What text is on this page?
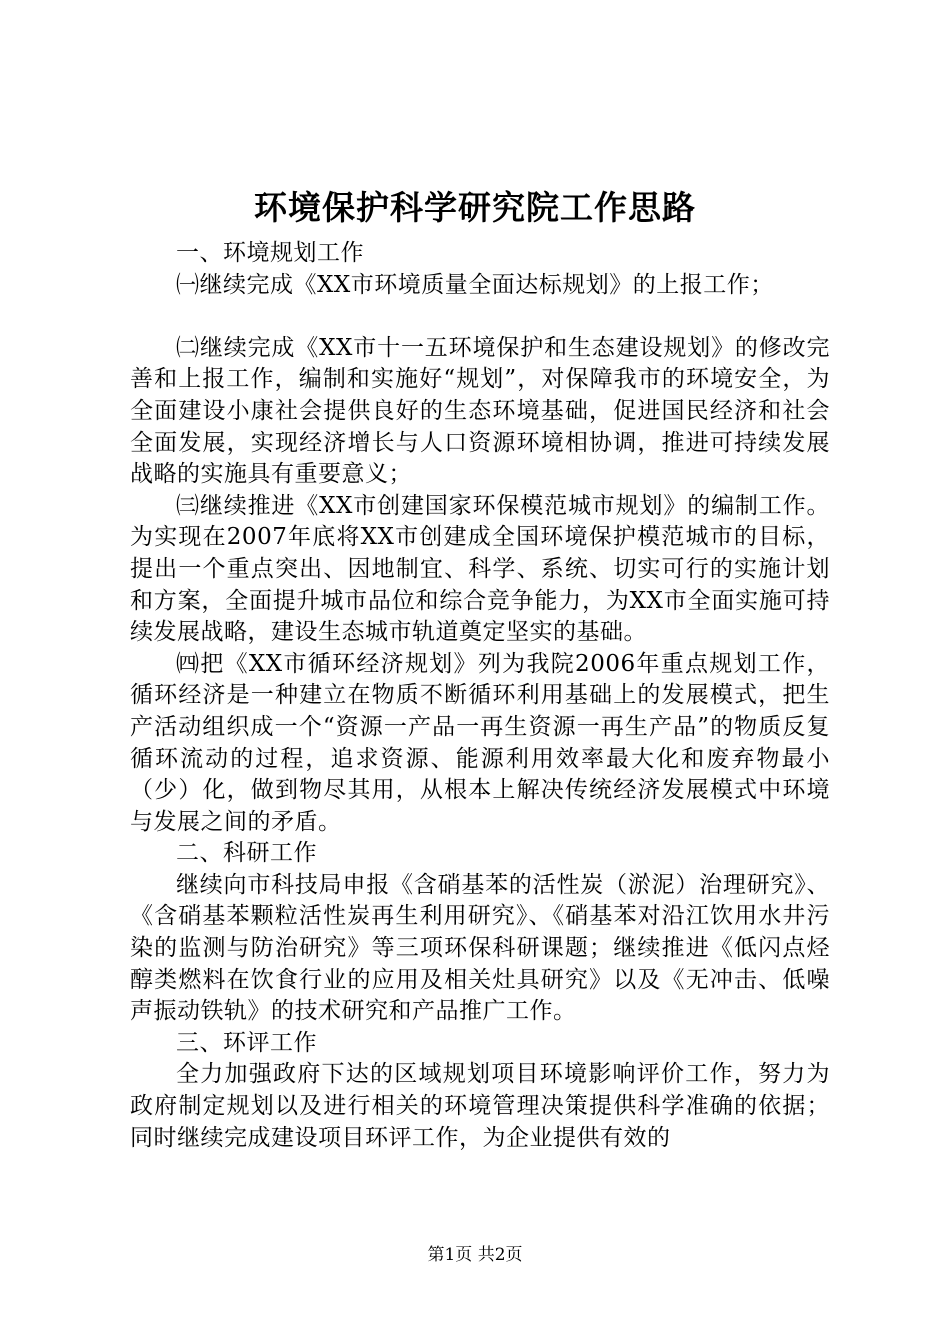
环境保护科学研究院工作思路

一、环境规划工作

㈠继续完成《XX市环境质量全面达标规划》的上报工作；

㈡继续完成《XX市十一五环境保护和生态建设规划》的修改完善和上报工作，编制和实施好“规划”，对保障我市的环境安全，为全面建设小康社会提供良好的生态环境基础，促进国民经济和社会全面发展，实现经济增长与人口资源环境相协调，推进可持续发展战略的实施具有重要意义；

㈢继续推进《XX市创建国家环保模范城市规划》的编制工作。为实现在2007年底将XX市创建成全国环境保护模范城市的目标，提出一个重点突出、因地制宜、科学、系统、切实可行的实施计划和方案，全面提升城市品位和综合竞争能力，为XX市全面实施可持续发展战略，建设生态城市轨道奠定坚实的基础。

㈣把《XX市循环经济规划》列为我院2006年重点规划工作，循环经济是一种建立在物质不断循环利用基础上的发展模式，把生产活动组织成一个“资源一产品一再生资源一再生产品”的物质反复循环流动的过程，追求资源、能源利用效率最大化和废弃物最小（少）化，做到物尽其用，从根本上解决传统经济发展模式中环境与发展之间的矛盾。

二、科研工作

继续向市科技局申报《含硝基苯的活性炭（淤泥）治理研究》、《含硝基苯颗粒活性炭再生利用研究》、《硝基苯对沿江饮用水井污染的监测与防治研究》等三项环保科研课题；继续推进《低闪点烃醇类燃料在饮食行业的应用及相关灶具研究》以及《无冲击、低噪声振动铁轨》的技术研究和产品推广工作。

三、环评工作

全力加强政府下达的区域规划项目环境影响评价工作，努力为政府制定规划以及进行相关的环境管理决策提供科学准确的依据；同时继续完成建设项目环评工作，为企业提供有效的

第1页 共2页
